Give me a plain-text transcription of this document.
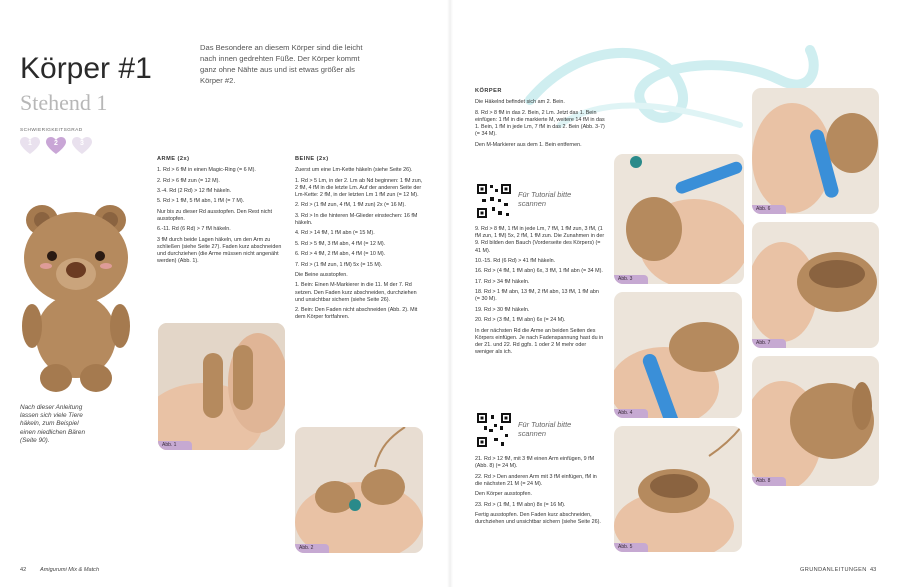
Körper #1
Stehend 1
Das Besondere an diesem Körper sind die leicht nach innen gedrehten Füße. Der Körper kommt ganz ohne Nähte aus und ist etwas größer als Körper #2.
SCHWIERIGKEITSGRAD
1	2	3
Nach dieser Anleitung lassen sich viele Tiere häkeln, zum Beispiel einen niedlichen Bären (Seite 90).
ARME (2x)

1. Rd > 6 fM in einen Magic-Ring (= 6 M).

2. Rd > 6 fM zun (= 12 M).

3.-4. Rd (2 Rd) > 12 fM häkeln.

5. Rd > 1 fM, 5 fM abn, 1 fM (= 7 M).

Nur bis zu dieser Rd ausstopfen. Den Rest nicht ausstopfen.

6.-11. Rd (6 Rd) > 7 fM häkeln.

3 fM durch beide Lagen häkeln, um den Arm zu schließen (siehe Seite 27). Faden kurz abschneiden und durchziehen (die Arme müssen nicht angenäht werden) (Abb. 1).

BEINE (2x)

Zuerst um eine Lm-Kette häkeln (siehe Seite 26).

1. Rd > 5 Lm, in der 2. Lm ab Nd beginnen: 1 fM zun, 2 fM, 4 fM in die letzte Lm. Auf der anderen Seite der Lm-Kette: 2 fM, in der letzten Lm 1 fM zun (= 12 M).

2. Rd > (1 fM zun, 4 fM, 1 fM zun) 2x (= 16 M).

3. Rd > In die hinteren M-Glieder einstechen: 16 fM häkeln.

4. Rd > 14 fM, 1 fM abn (= 15 M).

5. Rd > 5 fM, 3 fM abn, 4 fM (= 12 M).

6. Rd > 4 fM, 2 fM abn, 4 fM (= 10 M).

7. Rd > (1 fM zun, 1 fM) 5x (= 15 M).

Die Beine ausstopfen.

1. Bein: Einen M-Markierer in die 11. M der 7. Rd setzen. Den Faden kurz abschneiden, durchziehen und unsichtbar sichern (siehe Seite 26).

2. Bein: Den Faden nicht abschneiden (Abb. 2). Mit dem Körper fortfahren.

Abb. 1
Abb. 2
KÖRPER

Die Häkelnd befindet sich am 2. Bein.

8. Rd > 8 fM in das 2. Bein, 2 Lm. Jetzt das 1. Bein einfügen: 1 fM in die markierte M, weitere 14 fM in das 1. Bein, 1 fM in jede Lm, 7 fM in das 2. Bein (Abb. 3-7) (= 34 M).

Den M-Markierer aus dem 1. Bein entfernen.

Für Tutorial bitte scannen

9. Rd > 8 fM, 1 fM in jede Lm, 7 fM, 1 fM zun, 3 fM, (1 fM zun, 1 fM) 5x, 2 fM, 1 fM zun. Die Zunahmen in der 9. Rd bilden den Bauch (Vorderseite des Körpers) (= 41 M).

10.-15. Rd (6 Rd) > 41 fM häkeln.

16. Rd > (4 fM, 1 fM abn) 6x, 3 fM, 1 fM abn (= 34 M).

17. Rd > 34 fM häkeln.

18. Rd > 1 fM abn, 13 fM, 2 fM abn, 13 fM, 1 fM abn (= 30 M).

19. Rd > 30 fM häkeln.

20. Rd > (3 fM, 1 fM abn) 6x (= 24 M).

In der nächsten Rd die Arme an beiden Seiten des Körpers einfügen. Je nach Fadenspannung hast du in der 21. und 22. Rd ggfs. 1 oder 2 M mehr oder weniger als ich.

Für Tutorial bitte scannen

21. Rd > 12 fM, mit 3 fM einen Arm einfügen, 9 fM (Abb. 8) (= 24 M).

22. Rd > Den anderen Arm mit 3 fM einfügen, fM in die nächsten 21 M (= 24 M).

Den Körper ausstopfen.

23. Rd > (1 fM, 1 fM abn) 8x (= 16 M).

Fertig ausstopfen. Den Faden kurz abschneiden, durchziehen und unsichtbar sichern (siehe Seite 26).

Abb. 3
Abb. 4
Abb. 5
Abb. 6
Abb. 7
Abb. 8
42 Amigurumi Mix & Match	GRUNDANLEITUNGEN 43
